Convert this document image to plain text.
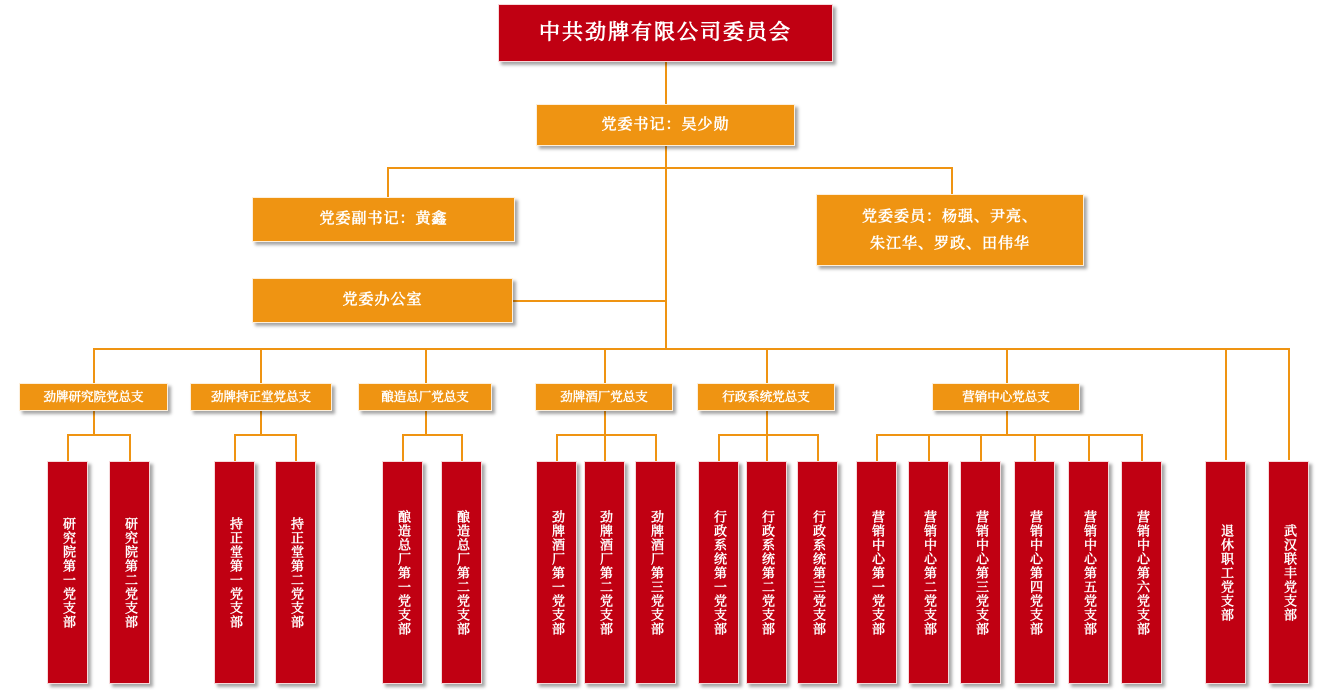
中共劲牌有限公司委员会
党委书记：吴少勋
党委副书记：黄鑫	党委委员：杨强、尹亮、
朱江华、罗政、田伟华
党委办公室
劲牌研究院党总支	劲牌持正堂党总支	酿造总厂党总支	劲牌酒厂党总支	行政系统党总支	营销中心党总支
研究院第一党支部	研究院第二党支部	持正堂第一党支部	持正堂第二党支部	酿造总厂第一党支部	酿造总厂第二党支部	劲牌酒厂第一党支部	劲牌酒厂第二党支部	劲牌酒厂第三党支部	行政系统第一党支部	行政系统第二党支部	行政系统第三党支部	营销中心第一党支部	营销中心第二党支部	营销中心第三党支部	营销中心第四党支部	营销中心第五党支部	营销中心第六党支部	退休职工党支部	武汉联丰党支部
